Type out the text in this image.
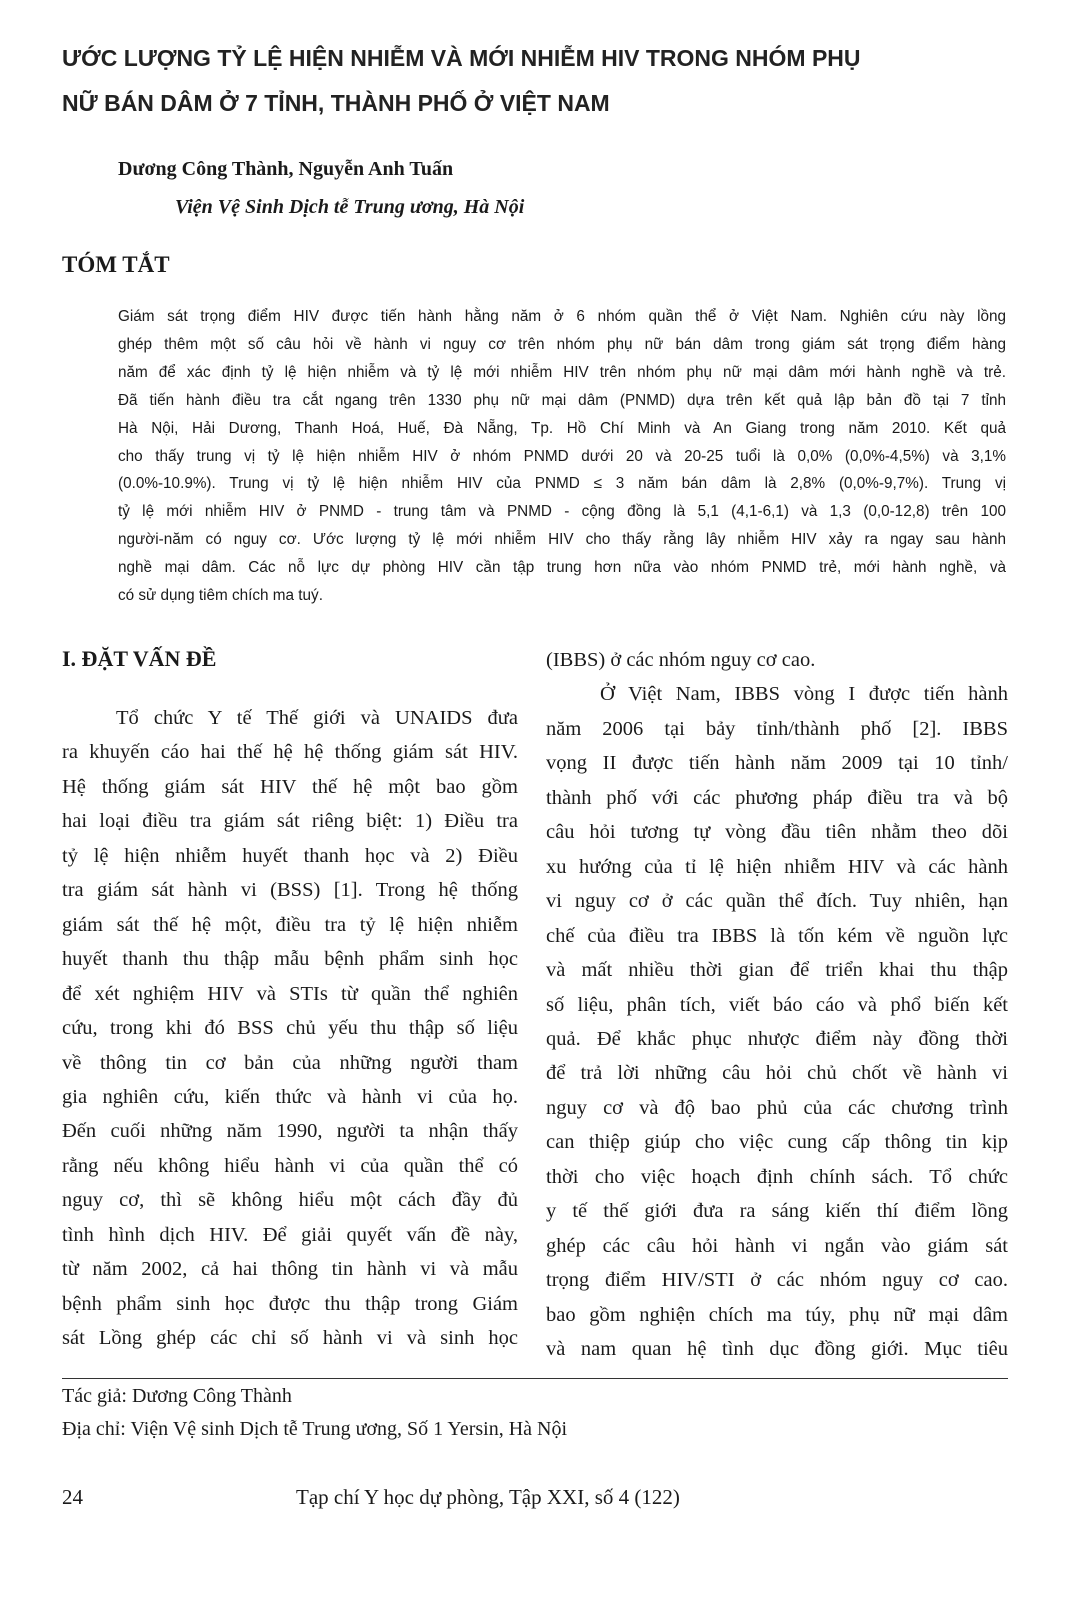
ƯỚC LƯỢNG TỶ LỆ HIỆN NHIỄM VÀ MỚI NHIỄM HIV TRONG NHÓM PHỤ
NỮ BÁN DÂM Ở 7 TỈNH, THÀNH PHỐ Ở VIỆT NAM
Dương Công Thành, Nguyễn Anh Tuấn
Viện Vệ Sinh Dịch tễ Trung ương, Hà Nội
TÓM TẮT
Giám sát trọng điểm HIV được tiến hành hằng năm ở 6 nhóm quần thể ở Việt Nam. Nghiên cứu này lồng
ghép thêm một số câu hỏi về hành vi nguy cơ trên nhóm phụ nữ bán dâm trong giám sát trọng điểm hàng
năm để xác định tỷ lệ hiện nhiễm và tỷ lệ mới nhiễm HIV trên nhóm phụ nữ mại dâm mới hành nghề và trẻ.
Đã tiến hành điều tra cắt ngang trên 1330 phụ nữ mại dâm (PNMD) dựa trên kết quả lập bản đồ tại 7 tỉnh
Hà Nội, Hải Dương, Thanh Hoá, Huế, Đà Nẵng, Tp. Hồ Chí Minh và An Giang trong năm 2010. Kết quả
cho thấy trung vị tỷ lệ hiện nhiễm HIV ở nhóm PNMD dưới 20 và 20-25 tuổi là 0,0% (0,0%-4,5%) và 3,1%
(0.0%-10.9%). Trung vị tỷ lệ hiện nhiễm HIV của PNMD ≤ 3 năm bán dâm là 2,8% (0,0%-9,7%). Trung vị
tỷ lệ mới nhiễm HIV ở PNMD - trung tâm và PNMD - cộng đồng là 5,1 (4,1-6,1) và 1,3 (0,0-12,8) trên 100
người-năm có nguy cơ. Ước lượng tỷ lệ mới nhiễm HIV cho thấy rằng lây nhiễm HIV xảy ra ngay sau hành
nghề mại dâm. Các nỗ lực dự phòng HIV cần tập trung hơn nữa vào nhóm PNMD trẻ, mới hành nghề, và
có sử dụng tiêm chích ma tuý.
I. ĐẶT VẤN ĐỀ
Tổ chức Y tế Thế giới và UNAIDS đưa
ra khuyến cáo hai thế hệ hệ thống giám sát HIV.
Hệ thống giám sát HIV thế hệ một bao gồm
hai loại điều tra giám sát riêng biệt: 1) Điều tra
tỷ lệ hiện nhiễm huyết thanh học và 2) Điều
tra giám sát hành vi (BSS) [1]. Trong hệ thống
giám sát thế hệ một, điều tra tỷ lệ hiện nhiễm
huyết thanh thu thập mẫu bệnh phẩm sinh học
để xét nghiệm HIV và STIs từ quần thể nghiên
cứu, trong khi đó BSS chủ yếu thu thập số liệu
về thông tin cơ bản của những người tham
gia nghiên cứu, kiến thức và hành vi của họ.
Đến cuối những năm 1990, người ta nhận thấy
rằng nếu không hiểu hành vi của quần thể có
nguy cơ, thì sẽ không hiểu một cách đầy đủ
tình hình dịch HIV. Để giải quyết vấn đề này,
từ năm 2002, cả hai thông tin hành vi và mẫu
bệnh phẩm sinh học được thu thập trong Giám
sát Lồng ghép các chỉ số hành vi và sinh học
(IBBS) ở các nhóm nguy cơ cao.
Ở Việt Nam, IBBS vòng I được tiến hành
năm 2006 tại bảy tỉnh/thành phố [2]. IBBS
vọng II được tiến hành năm 2009 tại 10 tỉnh/
thành phố với các phương pháp điều tra và bộ
câu hỏi tương tự vòng đầu tiên nhằm theo dõi
xu hướng của tỉ lệ hiện nhiễm HIV và các hành
vi nguy cơ ở các quần thể đích. Tuy nhiên, hạn
chế của điều tra IBBS là tốn kém về nguồn lực
và mất nhiều thời gian để triển khai thu thập
số liệu, phân tích, viết báo cáo và phổ biến kết
quả. Để khắc phục nhược điểm này đồng thời
để trả lời những câu hỏi chủ chốt về hành vi
nguy cơ và độ bao phủ của các chương trình
can thiệp giúp cho việc cung cấp thông tin kịp
thời cho việc hoạch định chính sách. Tổ chức
y tế thế giới đưa ra sáng kiến thí điểm lồng
ghép các câu hỏi hành vi ngắn vào giám sát
trọng điểm HIV/STI ở các nhóm nguy cơ cao.
bao gồm nghiện chích ma túy, phụ nữ mại dâm
và nam quan hệ tình dục đồng giới. Mục tiêu
Tác giả: Dương Công Thành
Địa chỉ: Viện Vệ sinh Dịch tễ Trung ương, Số 1 Yersin, Hà Nội
24	Tạp chí Y học dự phòng, Tập XXI, số 4 (122)
